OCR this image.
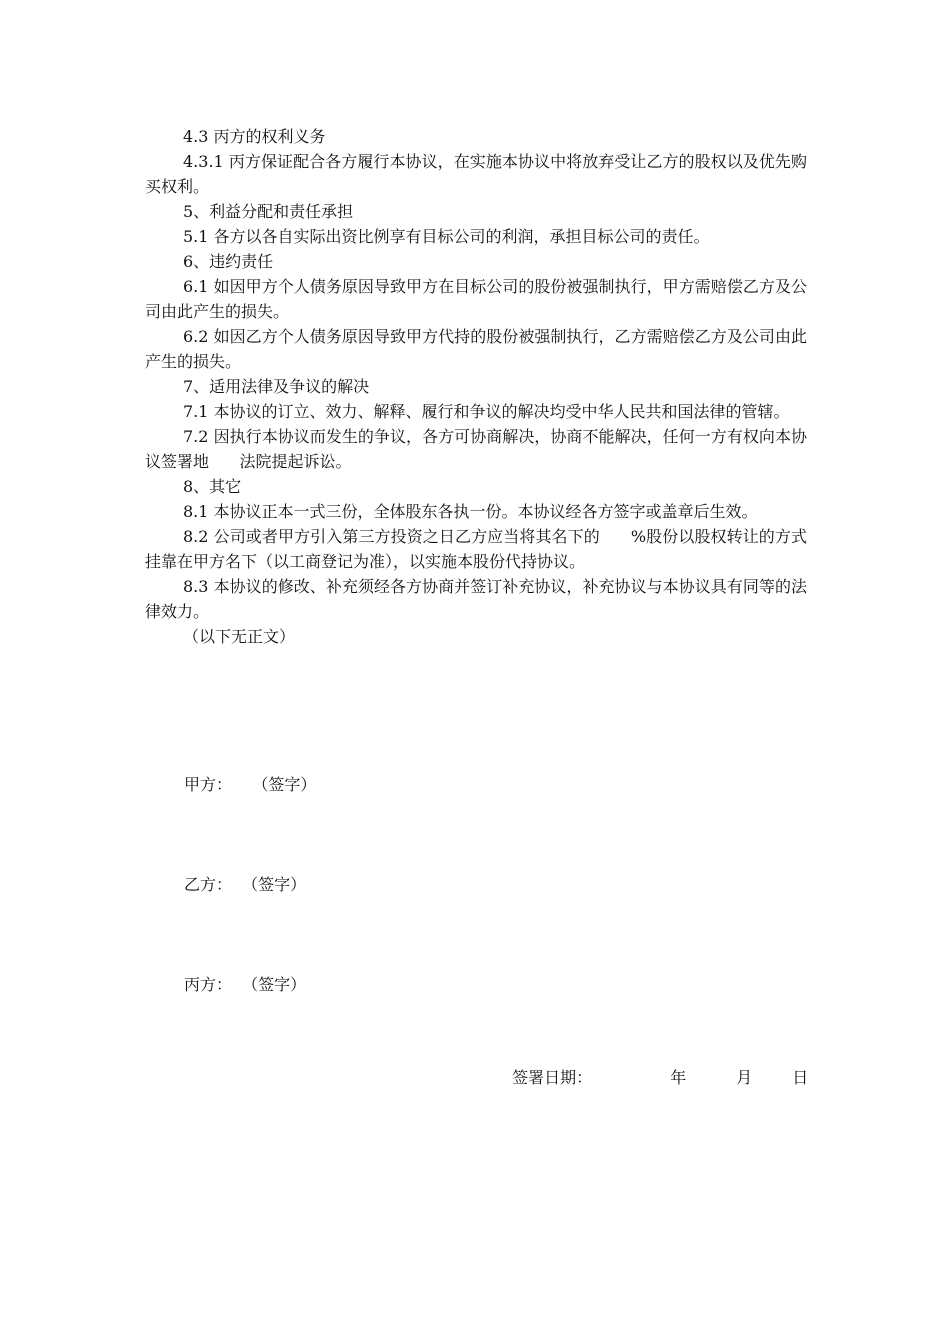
4.3 丙方的权利义务

4.3.1 丙方保证配合各方履行本协议，在实施本协议中将放弃受让乙方的股权以及优先购买权利。

5、利益分配和责任承担

5.1 各方以各自实际出资比例享有目标公司的利润，承担目标公司的责任。

6、违约责任

6.1 如因甲方个人债务原因导致甲方在目标公司的股份被强制执行，甲方需赔偿乙方及公司由此产生的损失。

6.2 如因乙方个人债务原因导致甲方代持的股份被强制执行，乙方需赔偿乙方及公司由此产生的损失。

7、适用法律及争议的解决

7.1 本协议的订立、效力、解释、履行和争议的解决均受中华人民共和国法律的管辖。

7.2 因执行本协议而发生的争议，各方可协商解决，协商不能解决，任何一方有权向本协议签署地      法院提起诉讼。

8、其它

8.1 本协议正本一式三份，全体股东各执一份。本协议经各方签字或盖章后生效。

8.2 公司或者甲方引入第三方投资之日乙方应当将其名下的      %股份以股权转让的方式挂靠在甲方名下（以工商登记为准），以实施本股份代持协议。

8.3 本协议的修改、补充须经各方协商并签订补充协议，补充协议与本协议具有同等的法律效力。

（以下无正文）

甲方：    （签字）
乙方：  （签字）
丙方：  （签字）

签署日期：	年	月	日
